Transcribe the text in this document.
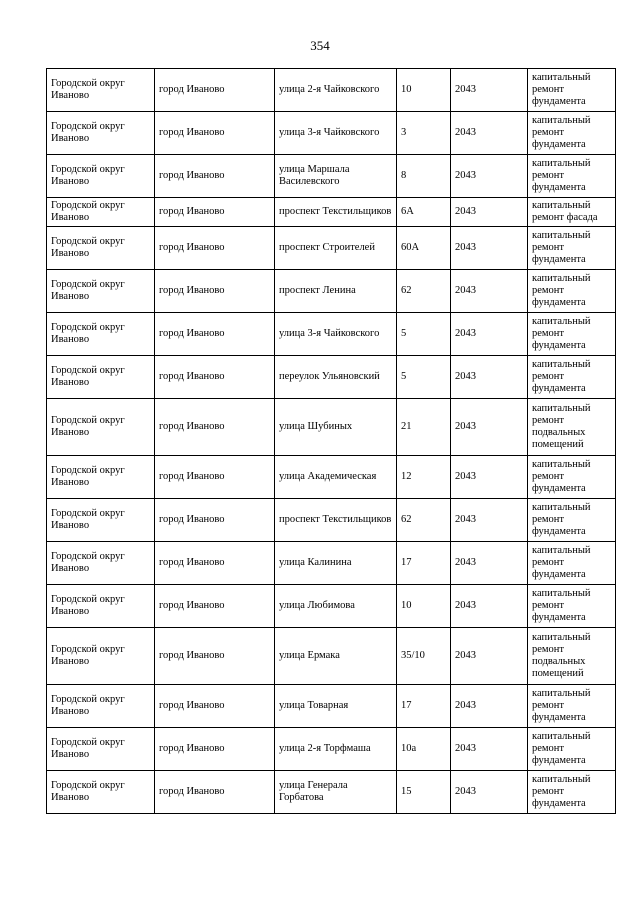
354
Городской округ Иваново	город Иваново	улица 2-я Чайковского	10	2043	капитальный ремонт фундамента
Городской округ Иваново	город Иваново	улица 3-я Чайковского	3	2043	капитальный ремонт фундамента
Городской округ Иваново	город Иваново	улица Маршала Василевского	8	2043	капитальный ремонт фундамента
Городской округ Иваново	город Иваново	проспект Текстильщиков	6А	2043	капитальный ремонт фасада
Городской округ Иваново	город Иваново	проспект Строителей	60А	2043	капитальный ремонт фундамента
Городской округ Иваново	город Иваново	проспект Ленина	62	2043	капитальный ремонт фундамента
Городской округ Иваново	город Иваново	улица 3-я Чайковского	5	2043	капитальный ремонт фундамента
Городской округ Иваново	город Иваново	переулок Ульяновский	5	2043	капитальный ремонт фундамента
Городской округ Иваново	город Иваново	улица Шубиных	21	2043	капитальный ремонт подвальных помещений
Городской округ Иваново	город Иваново	улица Академическая	12	2043	капитальный ремонт фундамента
Городской округ Иваново	город Иваново	проспект Текстильщиков	62	2043	капитальный ремонт фундамента
Городской округ Иваново	город Иваново	улица Калинина	17	2043	капитальный ремонт фундамента
Городской округ Иваново	город Иваново	улица Любимова	10	2043	капитальный ремонт фундамента
Городской округ Иваново	город Иваново	улица Ермака	35/10	2043	капитальный ремонт подвальных помещений
Городской округ Иваново	город Иваново	улица Товарная	17	2043	капитальный ремонт фундамента
Городской округ Иваново	город Иваново	улица 2-я Торфмаша	10а	2043	капитальный ремонт фундамента
Городской округ Иваново	город Иваново	улица Генерала Горбатова	15	2043	капитальный ремонт фундамента
